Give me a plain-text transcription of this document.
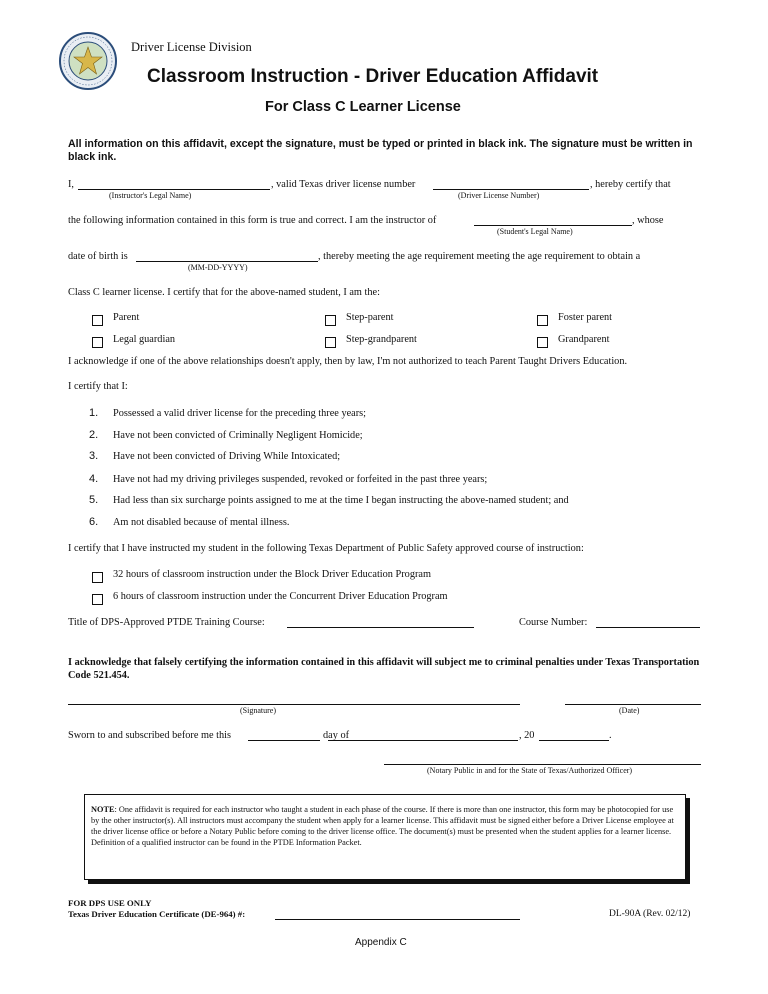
Driver License Division
Classroom Instruction - Driver Education Affidavit
For Class C Learner License
All information on this affidavit, except the signature, must be typed or printed in black ink. The signature must be written in black ink.
I,	, valid Texas driver license number	, hereby certify that
(Instructor's Legal Name)	(Driver License Number)
the following information contained in this form is true and correct. I am the instructor of	, whose
(Student's Legal Name)
date of birth is	, thereby meeting the age requirement meeting the age requirement to obtain a
(MM-DD-YYYY)
Class C learner license. I certify that for the above-named student, I am the:
Parent	Step-parent	Foster parent
Legal guardian	Step-grandparent	Grandparent
I acknowledge if one of the above relationships doesn't apply, then by law, I'm not authorized to teach Parent Taught Drivers Education.
I certify that I:
1. Possessed a valid driver license for the preceding three years;
2. Have not been convicted of Criminally Negligent Homicide;
3. Have not been convicted of Driving While Intoxicated;
4. Have not had my driving privileges suspended, revoked or forfeited in the past three years;
5. Had less than six surcharge points assigned to me at the time I began instructing the above-named student; and
6. Am not disabled because of mental illness.
I certify that I have instructed my student in the following Texas Department of Public Safety approved course of instruction:
32 hours of classroom instruction under the Block Driver Education Program
6 hours of classroom instruction under the Concurrent Driver Education Program
Title of DPS-Approved PTDE Training Course:	Course Number:
I acknowledge that falsely certifying the information contained in this affidavit will subject me to criminal penalties under Texas Transportation Code 521.454.
(Signature)	(Date)
Sworn to and subscribed before me this	day of	, 20	.
(Notary Public in and for the State of Texas/Authorized Officer)
NOTE: One affidavit is required for each instructor who taught a student in each phase of the course. If there is more than one instructor, this form may be photocopied for use by the other instructor(s). All instructors must accompany the student when apply for a learner license. This affidavit must be signed either before a Driver License employee at the driver license office or before a Notary Public before coming to the driver license office. The document(s) must be presented when the student applies for a learner license. Definition of a qualified instructor can be found in the PTDE Information Packet.
FOR DPS USE ONLY
Texas Driver Education Certificate (DE-964) #:	DL-90A (Rev. 02/12)
Appendix C
